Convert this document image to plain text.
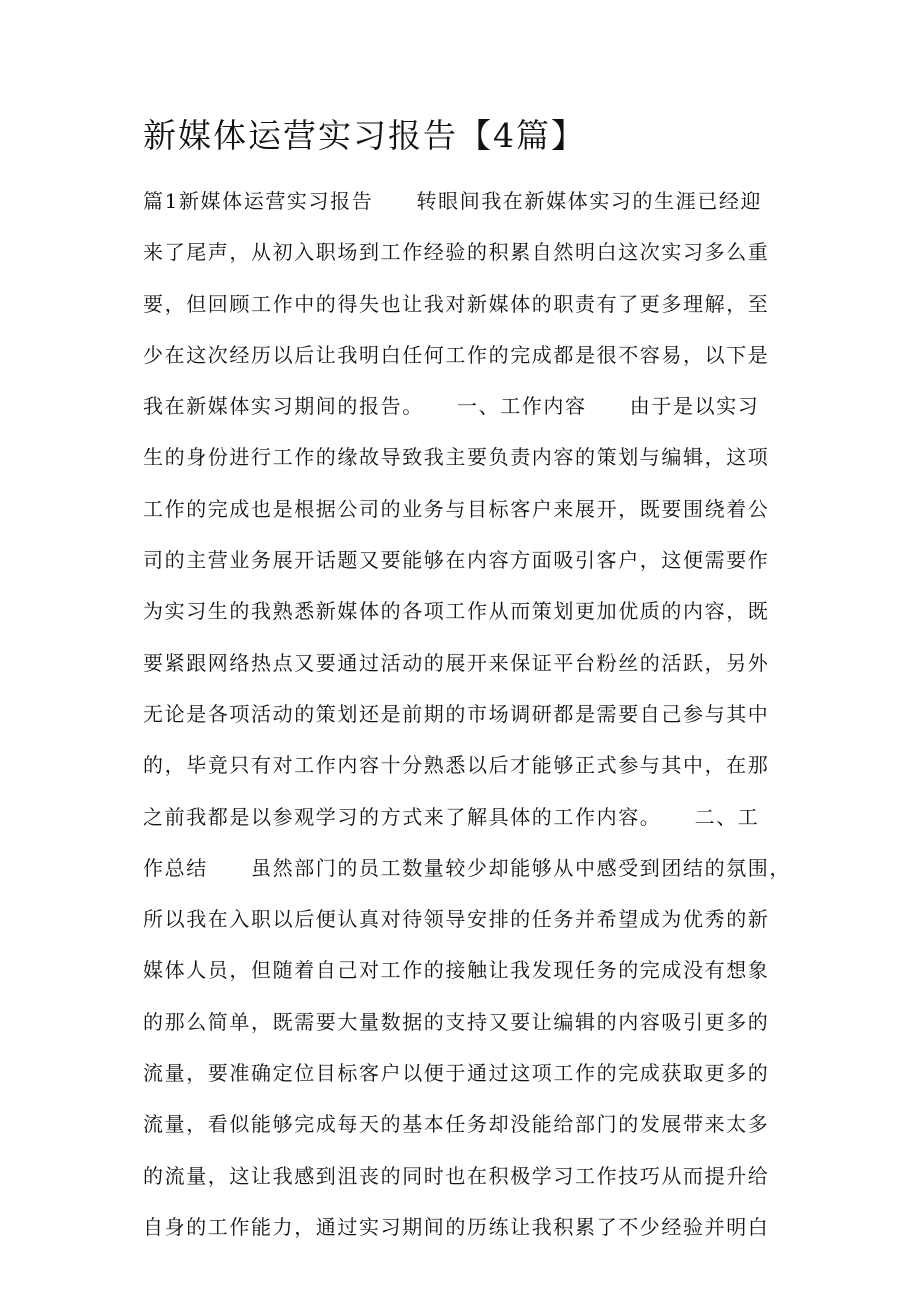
新媒体运营实习报告【4篇】
篇1新媒体运营实习报告　　转眼间我在新媒体实习的生涯已经迎
来了尾声，从初入职场到工作经验的积累自然明白这次实习多么重
要，但回顾工作中的得失也让我对新媒体的职责有了更多理解，至
少在这次经历以后让我明白任何工作的完成都是很不容易，以下是
我在新媒体实习期间的报告。　　一、工作内容　　由于是以实习
生的身份进行工作的缘故导致我主要负责内容的策划与编辑，这项
工作的完成也是根据公司的业务与目标客户来展开，既要围绕着公
司的主营业务展开话题又要能够在内容方面吸引客户，这便需要作
为实习生的我熟悉新媒体的各项工作从而策划更加优质的内容，既
要紧跟网络热点又要通过活动的展开来保证平台粉丝的活跃，另外
无论是各项活动的策划还是前期的市场调研都是需要自己参与其中
的，毕竟只有对工作内容十分熟悉以后才能够正式参与其中，在那
之前我都是以参观学习的方式来了解具体的工作内容。　　二、工
作总结　　虽然部门的员工数量较少却能够从中感受到团结的氛围，
所以我在入职以后便认真对待领导安排的任务并希望成为优秀的新
媒体人员，但随着自己对工作的接触让我发现任务的完成没有想象
的那么简单，既需要大量数据的支持又要让编辑的内容吸引更多的
流量，要准确定位目标客户以便于通过这项工作的完成获取更多的
流量，看似能够完成每天的基本任务却没能给部门的发展带来太多
的流量，这让我感到沮丧的同时也在积极学习工作技巧从而提升给
自身的工作能力，通过实习期间的历练让我积累了不少经验并明白
